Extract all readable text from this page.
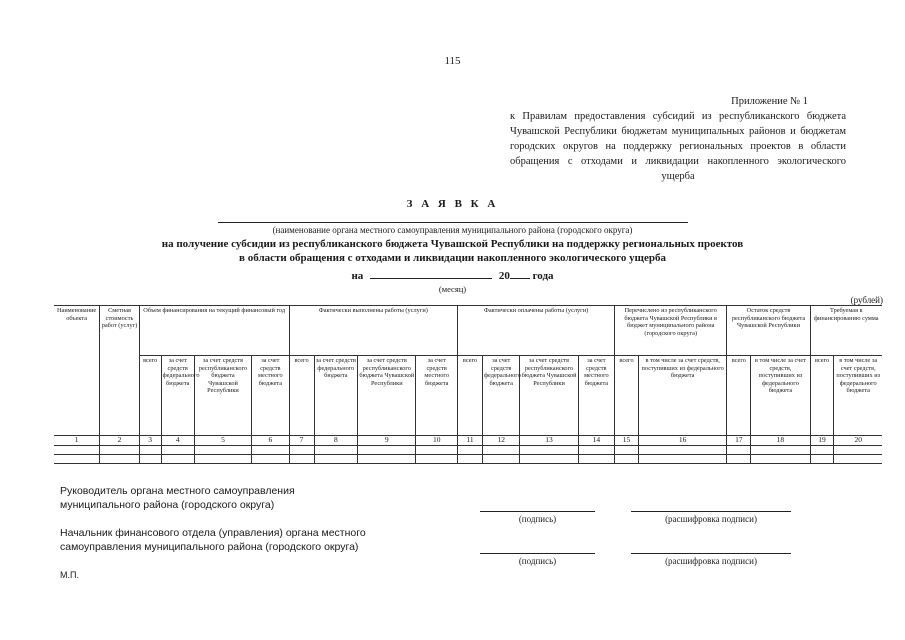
115
Приложение № 1
к Правилам предоставления субсидий из республиканского бюджета Чувашской Республики бюджетам муниципальных районов и бюджетам городских округов на поддержку региональных проектов в области обращения с отходами и ликвидации накопленного экологического ущерба
З А Я В К А
(наименование органа местного самоуправления муниципального района (городского округа)
на получение субсидии из республиканского бюджета Чувашской Республики на поддержку региональных проектов
в области обращения с отходами и ликвидации накопленного экологического ущерба
на	20 года
(месяц)
(рублей)
Наименование объекта	Сметная стоимость работ (услуг)	Объем финансирования на текущий финансовый год				Фактически выполнены работы (услуги)				Фактически оплачены работы (услуги)				Перечислено из республиканского бюджета Чувашской Республики в бюджет муниципального района (городского округа)		Остаток средств республиканского бюджета Чувашской Республики		Требуемая к финансированию сумма	
		всего	за счет средств федерального бюджета	за счет средств республиканского бюджета Чувашской Республики	за счет средств местного бюджета	всего	за счет средств федерального бюджета	за счет средств республиканского бюджета Чувашской Республики	за счет средств местного бюджета	всего	за счет средств федерального бюджета	за счет средств республиканского бюджета Чувашской Республики	за счет средств местного бюджета	всего	в том числе за счет средств, поступивших из федерального бюджета	всего	в том числе за счет средств, поступивших из федерального бюджета	всего	в том числе за счет средств, поступивших из федерального бюджета
1	2	3	4	5	6	7	8	9	10	11	12	13	14	15	16	17	18	19	20

Руководитель органа местного самоуправления муниципального района (городского округа)
(подпись)	(расшифровка подписи)
Начальник финансового отдела (управления) органа местного самоуправления муниципального района (городского округа)
(подпись)	(расшифровка подписи)
М.П.
